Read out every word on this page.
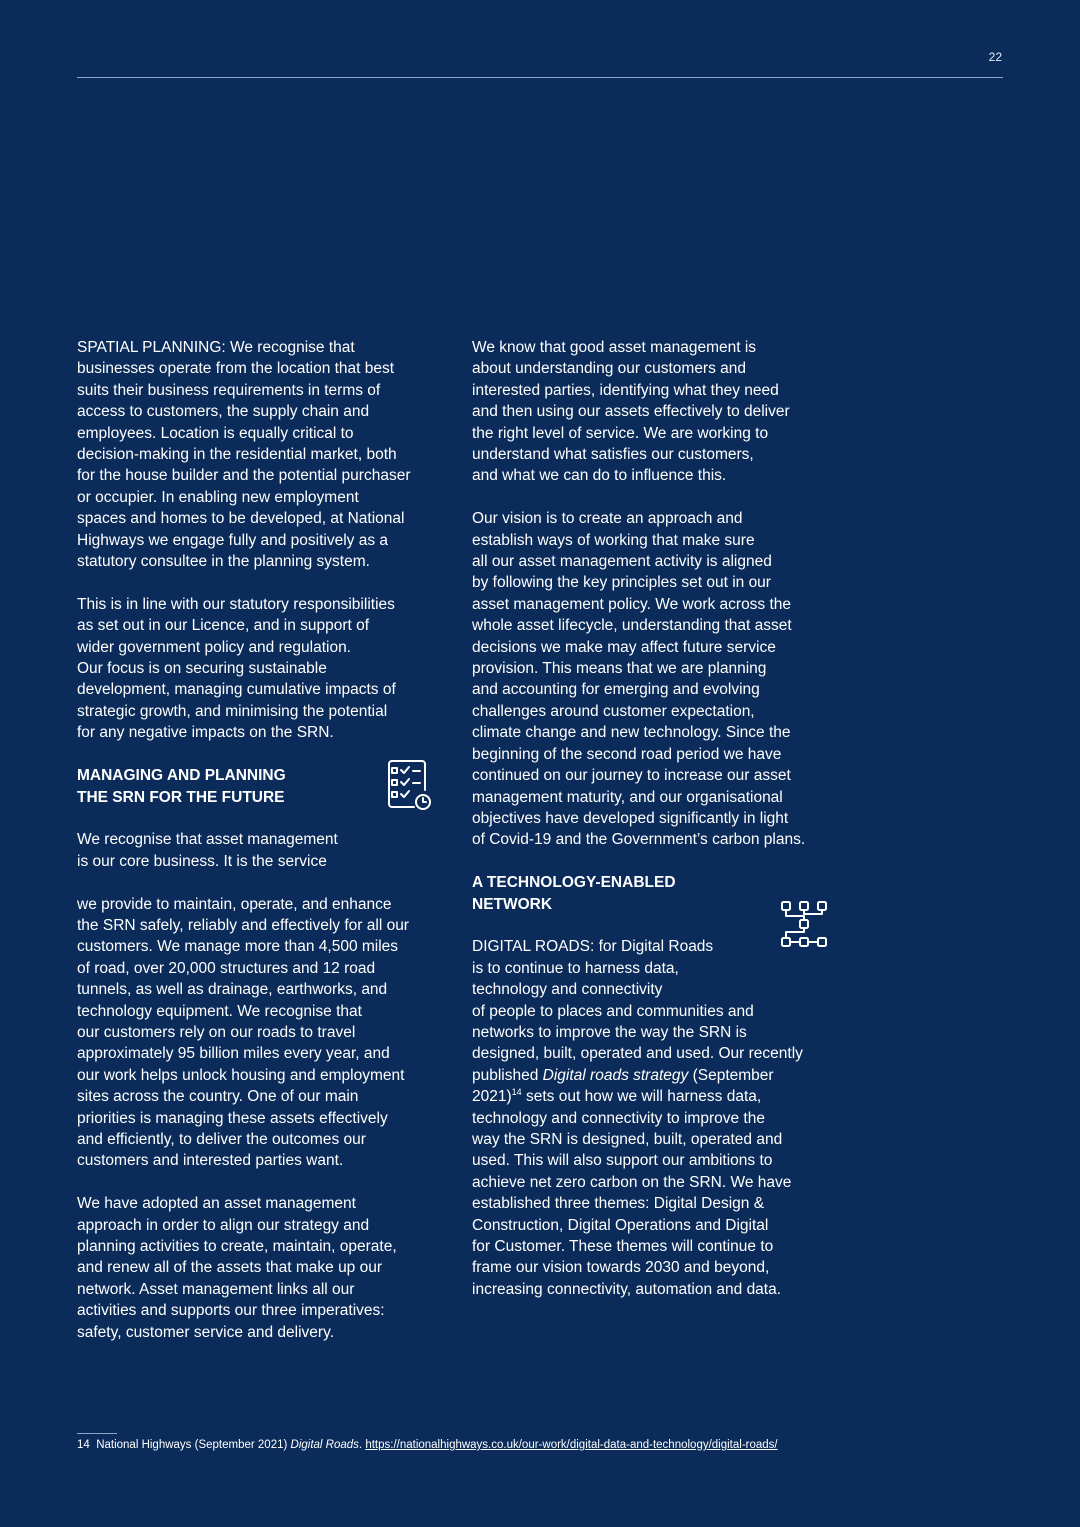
22

SPATIAL PLANNING: We recognise that
businesses operate from the location that best
suits their business requirements in terms of
access to customers, the supply chain and
employees. Location is equally critical to
decision-making in the residential market, both
for the house builder and the potential purchaser
or occupier. In enabling new employment
spaces and homes to be developed, at National
Highways we engage fully and positively as a
statutory consultee in the planning system.

This is in line with our statutory responsibilities
as set out in our Licence, and in support of
wider government policy and regulation.
Our focus is on securing sustainable
development, managing cumulative impacts of
strategic growth, and minimising the potential
for any negative impacts on the SRN.

MANAGING AND PLANNING
THE SRN FOR THE FUTURE

We recognise that asset management
is our core business. It is the service

we provide to maintain, operate, and enhance
the SRN safely, reliably and effectively for all our
customers. We manage more than 4,500 miles
of road, over 20,000 structures and 12 road
tunnels, as well as drainage, earthworks, and
technology equipment. We recognise that
our customers rely on our roads to travel
approximately 95 billion miles every year, and
our work helps unlock housing and employment
sites across the country. One of our main
priorities is managing these assets effectively
and efficiently, to deliver the outcomes our
customers and interested parties want.

We have adopted an asset management
approach in order to align our strategy and
planning activities to create, maintain, operate,
and renew all of the assets that make up our
network. Asset management links all our
activities and supports our three imperatives:
safety, customer service and delivery.

We know that good asset management is
about understanding our customers and
interested parties, identifying what they need
and then using our assets effectively to deliver
the right level of service. We are working to
understand what satisfies our customers,
and what we can do to influence this.

Our vision is to create an approach and
establish ways of working that make sure
all our asset management activity is aligned
by following the key principles set out in our
asset management policy. We work across the
whole asset lifecycle, understanding that asset
decisions we make may affect future service
provision. This means that we are planning
and accounting for emerging and evolving
challenges around customer expectation,
climate change and new technology. Since the
beginning of the second road period we have
continued on our journey to increase our asset
management maturity, and our organisational
objectives have developed significantly in light
of Covid-19 and the Government’s carbon plans.

A TECHNOLOGY-ENABLED
NETWORK

DIGITAL ROADS: for Digital Roads
is to continue to harness data,
technology and connectivity
of people to places and communities and
networks to improve the way the SRN is
designed, built, operated and used. Our recently
published Digital roads strategy (September
2021)$^{14}$ sets out how we will harness data,
technology and connectivity to improve the
way the SRN is designed, built, operated and
used. This will also support our ambitions to
achieve net zero carbon on the SRN. We have
established three themes: Digital Design &
Construction, Digital Operations and Digital
for Customer. These themes will continue to
frame our vision towards 2030 and beyond,
increasing connectivity, automation and data.

14 National Highways (September 2021) Digital Roads. https://nationalhighways.co.uk/our-work/digital-data-and-technology/digital-roads/
